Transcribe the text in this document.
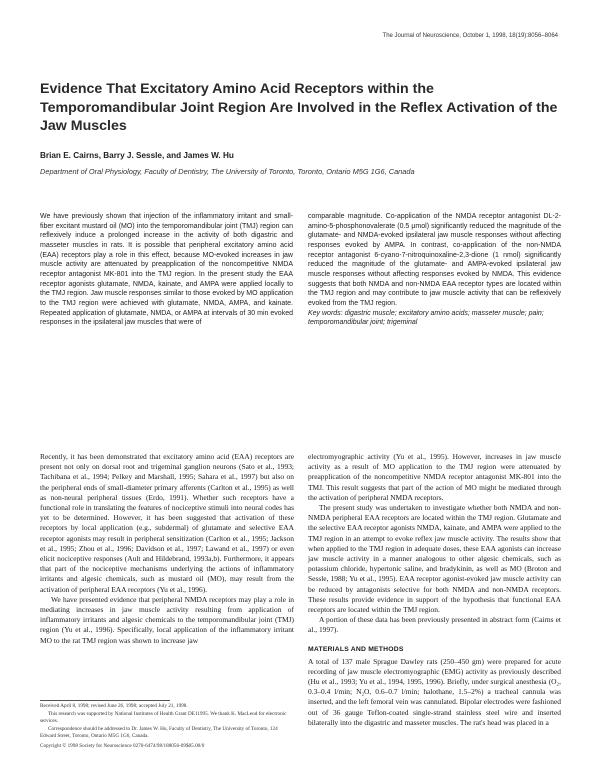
The Journal of Neuroscience, October 1, 1998, 18(19):8056–8064
Evidence That Excitatory Amino Acid Receptors within the Temporomandibular Joint Region Are Involved in the Reflex Activation of the Jaw Muscles
Brian E. Cairns, Barry J. Sessle, and James W. Hu
Department of Oral Physiology, Faculty of Dentistry, The University of Toronto, Toronto, Ontario M5G 1G6, Canada
We have previously shown that injection of the inflammatory irritant and small-fiber excitant mustard oil (MO) into the temporomandibular joint (TMJ) region can reflexively induce a prolonged increase in the activity of both digastric and masseter muscles in rats. It is possible that peripheral excitatory amino acid (EAA) receptors play a role in this effect, because MO-evoked increases in jaw muscle activity are attenuated by preapplication of the noncompetitive NMDA receptor antagonist MK-801 into the TMJ region. In the present study the EAA receptor agonists glutamate, NMDA, kainate, and AMPA were applied locally to the TMJ region. Jaw muscle responses similar to those evoked by MO application to the TMJ region were achieved with glutamate, NMDA, AMPA, and kainate. Repeated application of glutamate, NMDA, or AMPA at intervals of 30 min evoked responses in the ipsilateral jaw muscles that were of
comparable magnitude. Co-application of the NMDA receptor antagonist DL-2-amino-5-phosphonovalerate (0.5 μmol) significantly reduced the magnitude of the glutamate- and NMDA-evoked ipsilateral jaw muscle responses without affecting responses evoked by AMPA. In contrast, co-application of the non-NMDA receptor antagonist 6-cyano-7-nitroquinoxaline-2,3-dione (1 nmol) significantly reduced the magnitude of the glutamate- and AMPA-evoked ipsilateral jaw muscle responses without affecting responses evoked by NMDA. This evidence suggests that both NMDA and non-NMDA EAA receptor types are located within the TMJ region and may contribute to jaw muscle activity that can be reflexively evoked from the TMJ region.
Key words: digastric muscle; excitatory amino acids; masseter muscle; pain; temporomandibular joint; trigeminal

Recently, it has been demonstrated that excitatory amino acid (EAA) receptors are present not only on dorsal root and trigeminal ganglion neurons (Sato et al., 1993; Tachibana et al., 1994; Pelkey and Marshall, 1995; Sahara et al., 1997) but also on the peripheral ends of small-diameter primary afferents (Carlton et al., 1995) as well as non-neural peripheral tissues (Erdo, 1991). Whether such receptors have a functional role in translating the features of nociceptive stimuli into neural codes has yet to be determined. However, it has been suggested that activation of these receptors by local application (e.g., subdermal) of glutamate and selective EAA receptor agonists may result in peripheral sensitization (Carlton et al., 1995; Jackson et al., 1995; Zhou et al., 1996; Davidson et al., 1997; Lawand et al., 1997) or even elicit nociceptive responses (Ault and Hildebrand, 1993a,b). Furthermore, it appears that part of the nociceptive mechanisms underlying the actions of inflammatory irritants and algesic chemicals, such as mustard oil (MO), may result from the activation of peripheral EAA receptors (Yu et al., 1996).

We have presented evidence that peripheral NMDA receptors may play a role in mediating increases in jaw muscle activity resulting from application of inflammatory irritants and algesic chemicals to the temporomandibular joint (TMJ) region (Yu et al., 1996). Specifically, local application of the inflammatory irritant MO to the rat TMJ region was shown to increase jaw

electromyographic activity (Yu et al., 1995). However, increases in jaw muscle activity as a result of MO application to the TMJ region were attenuated by preapplication of the noncompetitive NMDA receptor antagonist MK-801 into the TMJ. This result suggests that part of the action of MO might be mediated through the activation of peripheral NMDA receptors.

The present study was undertaken to investigate whether both NMDA and non-NMDA peripheral EAA receptors are located within the TMJ region. Glutamate and the selective EAA receptor agonists NMDA, kainate, and AMPA were applied to the TMJ region in an attempt to evoke reflex jaw muscle activity. The results show that when applied to the TMJ region in adequate doses, these EAA agonists can increase jaw muscle activity in a manner analogous to other algesic chemicals, such as potassium chloride, hypertonic saline, and bradykinin, as well as MO (Broton and Sessle, 1988; Yu et al., 1995). EAA receptor agonist-evoked jaw muscle activity can be reduced by antagonists selective for both NMDA and non-NMDA receptors. These results provide evidence in support of the hypothesis that functional EAA receptors are located within the TMJ region.

A portion of these data has been previously presented in abstract form (Cairns et al., 1997).

MATERIALS AND METHODS

A total of 137 male Sprague Dawley rats (250–450 gm) were prepared for acute recording of jaw muscle electromyographic (EMG) activity as previously described (Hu et al., 1993; Yu et al., 1994, 1995, 1996). Briefly, under surgical anesthesia (O₂, 0.3–0.4 l/min; N₂O, 0.6–0.7 l/min; halothane, 1.5–2%) a tracheal cannula was inserted, and the left femoral vein was cannulated. Bipolar electrodes were fashioned out of 36 gauge Teflon-coated single-strand stainless steel wire and inserted bilaterally into the digastric and masseter muscles. The rat's head was placed in a

Received April 8, 1998; revised June 26, 1998; accepted July 21, 1998.
This research was supported by National Institutes of Health Grant DE11995. We thank K. MacLeod for electronic services.
Correspondence should be addressed to Dr. James W. Hu, Faculty of Dentistry, The University of Toronto, 124 Edward Street, Toronto, Ontario M5G 1G6, Canada.
Copyright © 1998 Society for Neuroscience 0270-6474/98/188056-09$05.00/0
